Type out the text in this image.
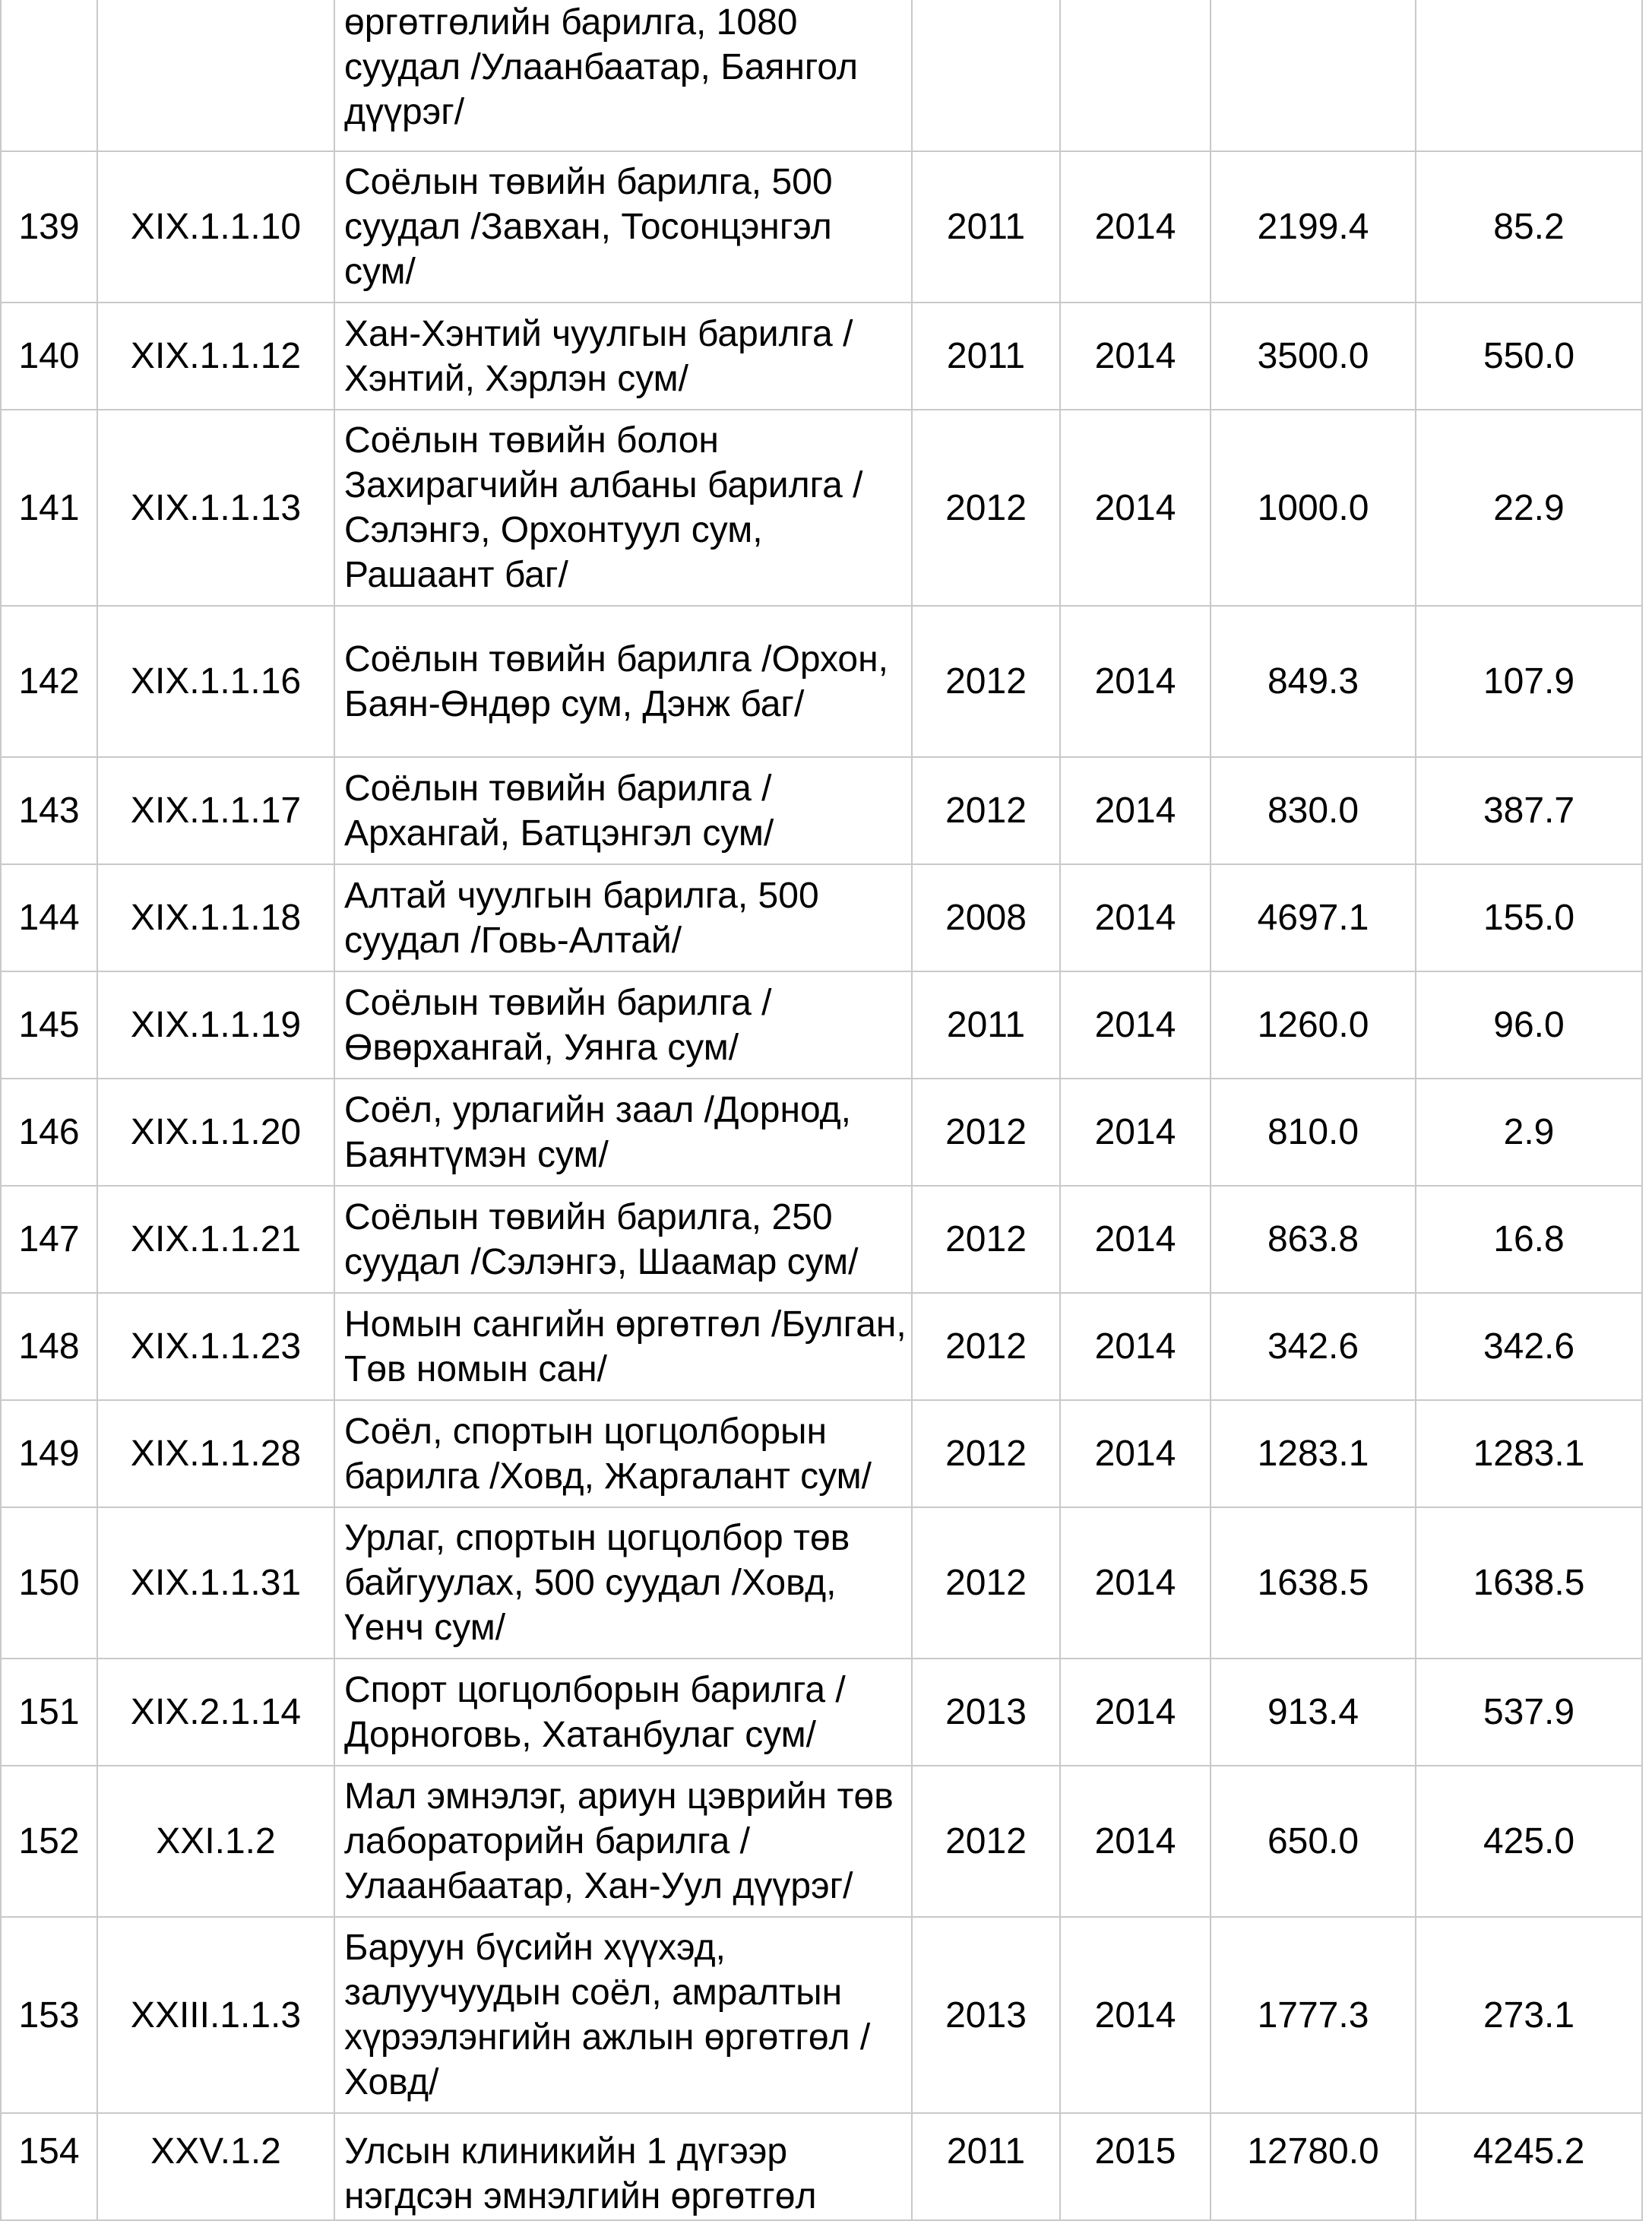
		өргөтгөлийн барилга, 1080 суудал /Улаанбаатар, Баянгол дүүрэг/				
139	XIX.1.1.10	Соёлын төвийн барилга, 500 суудал /Завхан, Тосонцэнгэл сум/	2011	2014	2199.4	85.2
140	XIX.1.1.12	Хан-Хэнтий чуулгын барилга /Хэнтий, Хэрлэн сум/	2011	2014	3500.0	550.0
141	XIX.1.1.13	Соёлын төвийн болон Захирагчийн албаны барилга /Сэлэнгэ, Орхонтуул сум, Рашаант баг/	2012	2014	1000.0	22.9
142	XIX.1.1.16	Соёлын төвийн барилга /Орхон, Баян-Өндөр сум, Дэнж баг/	2012	2014	849.3	107.9
143	XIX.1.1.17	Соёлын төвийн барилга /Архангай, Батцэнгэл сум/	2012	2014	830.0	387.7
144	XIX.1.1.18	Алтай чуулгын барилга, 500 суудал /Говь-Алтай/	2008	2014	4697.1	155.0
145	XIX.1.1.19	Соёлын төвийн барилга /Өвөрхангай, Уянга сум/	2011	2014	1260.0	96.0
146	XIX.1.1.20	Соёл, урлагийн заал /Дорнод, Баянтүмэн сум/	2012	2014	810.0	2.9
147	XIX.1.1.21	Соёлын төвийн барилга, 250 суудал /Сэлэнгэ, Шаамар сум/	2012	2014	863.8	16.8
148	XIX.1.1.23	Номын сангийн өргөтгөл /Булган, Төв номын сан/	2012	2014	342.6	342.6
149	XIX.1.1.28	Соёл, спортын цогцолборын барилга /Ховд, Жаргалант сум/	2012	2014	1283.1	1283.1
150	XIX.1.1.31	Урлаг, спортын цогцолбор төв байгуулах, 500 суудал /Ховд, Үенч сум/	2012	2014	1638.5	1638.5
151	XIX.2.1.14	Спорт цогцолборын барилга /Дорноговь, Хатанбулаг сум/	2013	2014	913.4	537.9
152	XXI.1.2	Мал эмнэлэг, ариун цэврийн төв лабораторийн барилга /Улаанбаатар, Хан-Уул дүүрэг/	2012	2014	650.0	425.0
153	XXIII.1.1.3	Баруун бүсийн хүүхэд, залуучуудын соёл, амралтын хүрээлэнгийн ажлын өргөтгөл /Ховд/	2013	2014	1777.3	273.1
154	XXV.1.2	Улсын клиникийн 1 дүгээр нэгдсэн эмнэлгийн өргөтгөл	2011	2015	12780.0	4245.2
